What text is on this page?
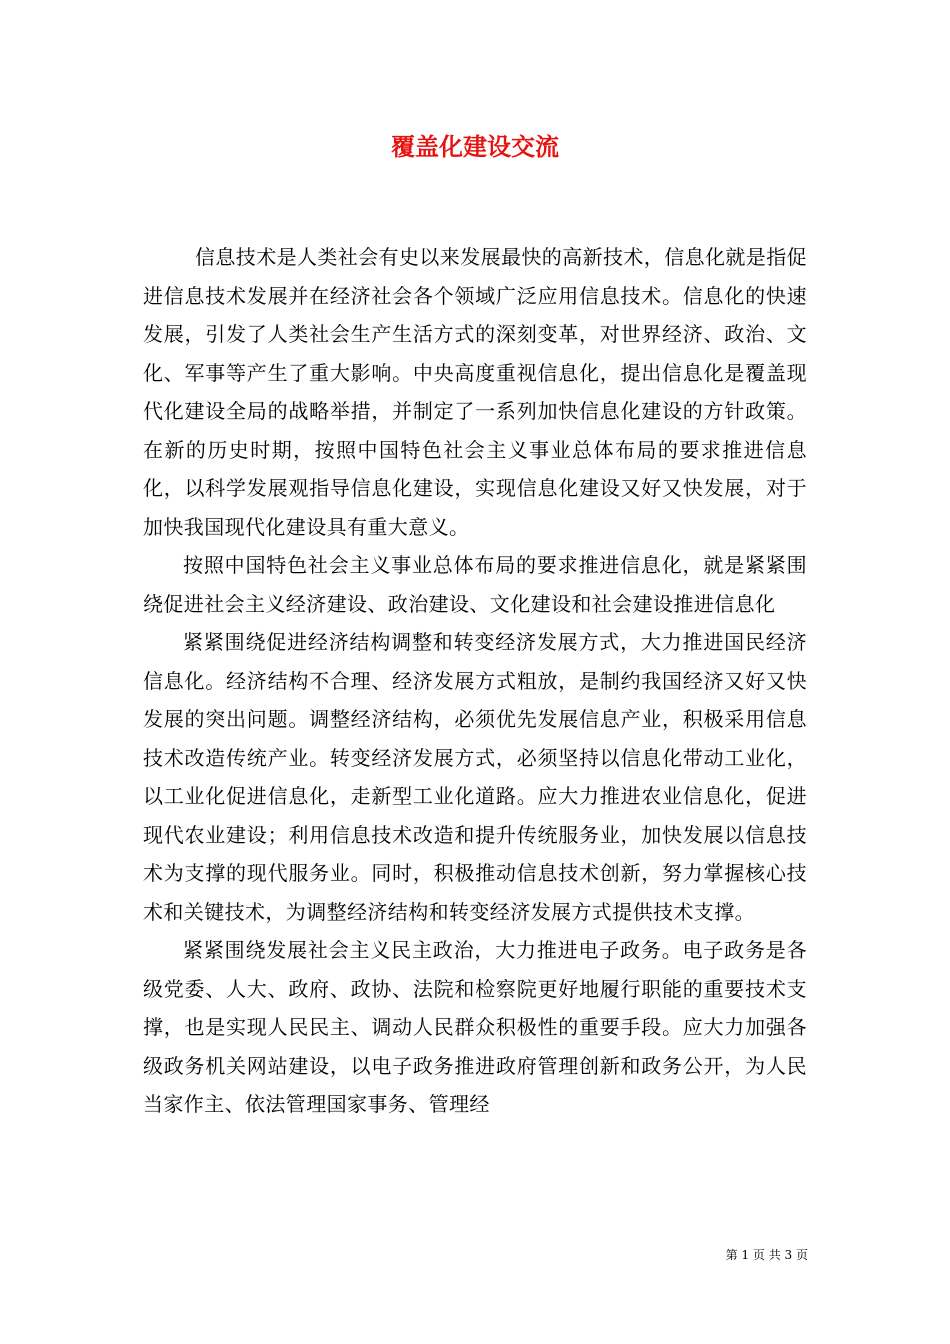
覆盖化建设交流

信息技术是人类社会有史以来发展最快的高新技术，信息化就是指促进信息技术发展并在经济社会各个领域广泛应用信息技术。信息化的快速发展，引发了人类社会生产生活方式的深刻变革，对世界经济、政治、文化、军事等产生了重大影响。中央高度重视信息化，提出信息化是覆盖现代化建设全局的战略举措，并制定了一系列加快信息化建设的方针政策。在新的历史时期，按照中国特色社会主义事业总体布局的要求推进信息化，以科学发展观指导信息化建设，实现信息化建设又好又快发展，对于加快我国现代化建设具有重大意义。

按照中国特色社会主义事业总体布局的要求推进信息化，就是紧紧围绕促进社会主义经济建设、政治建设、文化建设和社会建设推进信息化

紧紧围绕促进经济结构调整和转变经济发展方式，大力推进国民经济信息化。经济结构不合理、经济发展方式粗放，是制约我国经济又好又快发展的突出问题。调整经济结构，必须优先发展信息产业，积极采用信息技术改造传统产业。转变经济发展方式，必须坚持以信息化带动工业化，以工业化促进信息化，走新型工业化道路。应大力推进农业信息化，促进现代农业建设；利用信息技术改造和提升传统服务业，加快发展以信息技术为支撑的现代服务业。同时，积极推动信息技术创新，努力掌握核心技术和关键技术，为调整经济结构和转变经济发展方式提供技术支撑。

紧紧围绕发展社会主义民主政治，大力推进电子政务。电子政务是各级党委、人大、政府、政协、法院和检察院更好地履行职能的重要技术支撑，也是实现人民民主、调动人民群众积极性的重要手段。应大力加强各级政务机关网站建设，以电子政务推进政府管理创新和政务公开，为人民当家作主、依法管理国家事务、管理经

第 1 页 共 3 页
